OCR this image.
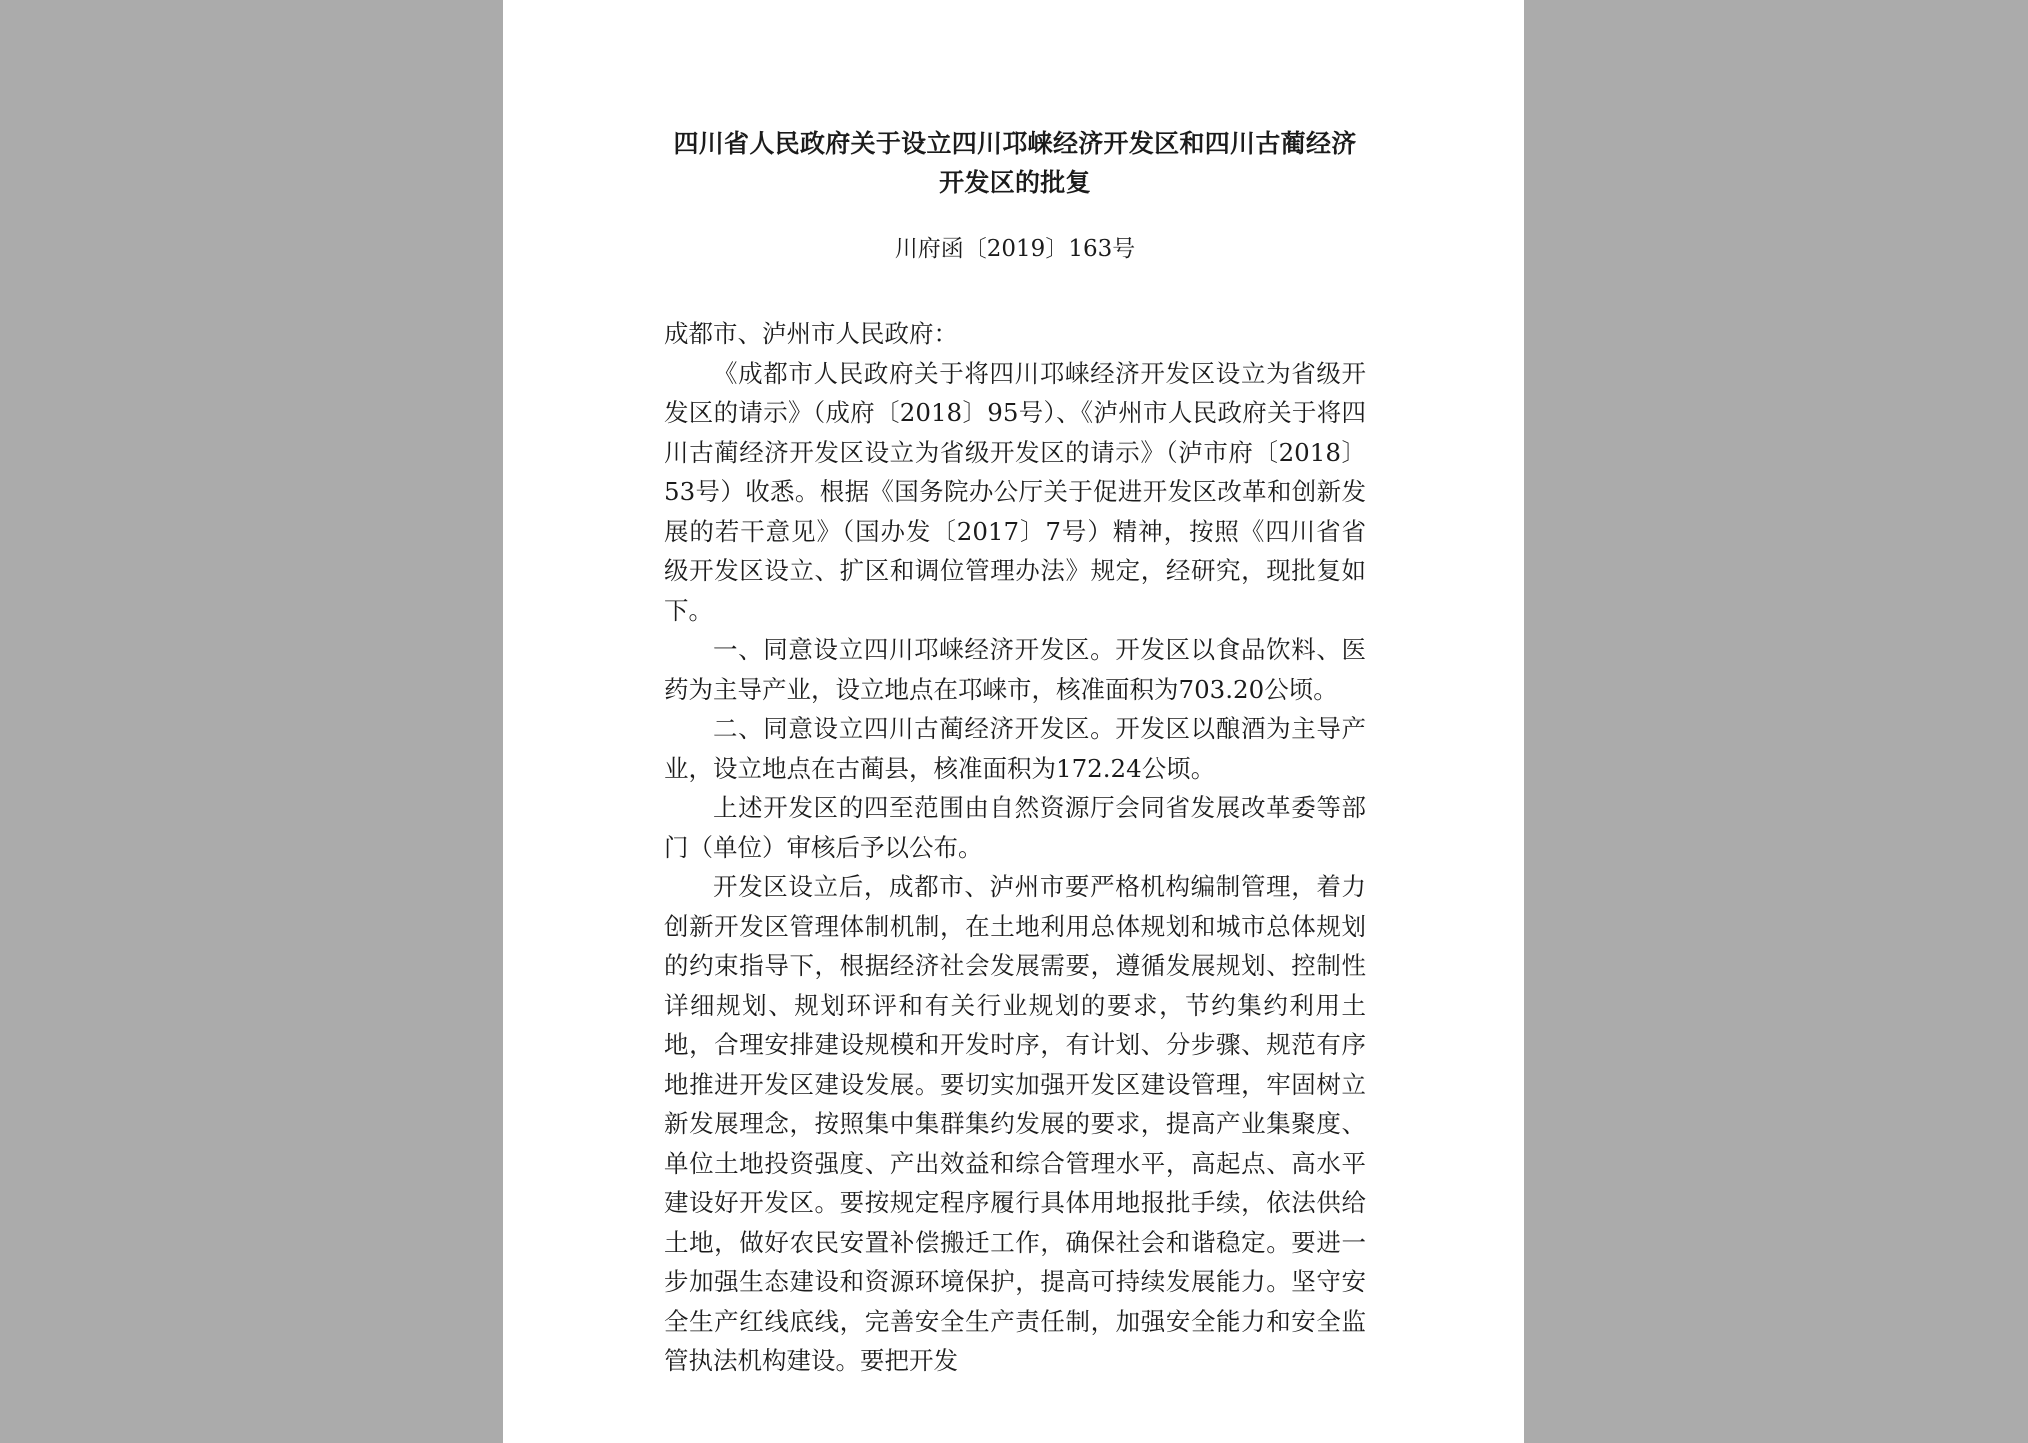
四川省人民政府关于设立四川邛崃经济开发区和四川古蔺经济开发区的批复
川府函〔2019〕163号
成都市、泸州市人民政府：

《成都市人民政府关于将四川邛崃经济开发区设立为省级开发区的请示》（成府〔2018〕95号）、《泸州市人民政府关于将四川古蔺经济开发区设立为省级开发区的请示》（泸市府〔2018〕53号）收悉。根据《国务院办公厅关于促进开发区改革和创新发展的若干意见》（国办发〔2017〕7号）精神，按照《四川省省级开发区设立、扩区和调位管理办法》规定，经研究，现批复如下。

一、同意设立四川邛崃经济开发区。开发区以食品饮料、医药为主导产业，设立地点在邛崃市，核准面积为703.20公顷。

二、同意设立四川古蔺经济开发区。开发区以酿酒为主导产业，设立地点在古蔺县，核准面积为172.24公顷。

上述开发区的四至范围由自然资源厅会同省发展改革委等部门（单位）审核后予以公布。

开发区设立后，成都市、泸州市要严格机构编制管理，着力创新开发区管理体制机制，在土地利用总体规划和城市总体规划的约束指导下，根据经济社会发展需要，遵循发展规划、控制性详细规划、规划环评和有关行业规划的要求，节约集约利用土地，合理安排建设规模和开发时序，有计划、分步骤、规范有序地推进开发区建设发展。要切实加强开发区建设管理，牢固树立新发展理念，按照集中集群集约发展的要求，提高产业集聚度、单位土地投资强度、产出效益和综合管理水平，高起点、高水平建设好开发区。要按规定程序履行具体用地报批手续，依法供给土地，做好农民安置补偿搬迁工作，确保社会和谐稳定。要进一步加强生态建设和资源环境保护，提高可持续发展能力。坚守安全生产红线底线，完善安全生产责任制，加强安全能力和安全监管执法机构建设。要把开发
